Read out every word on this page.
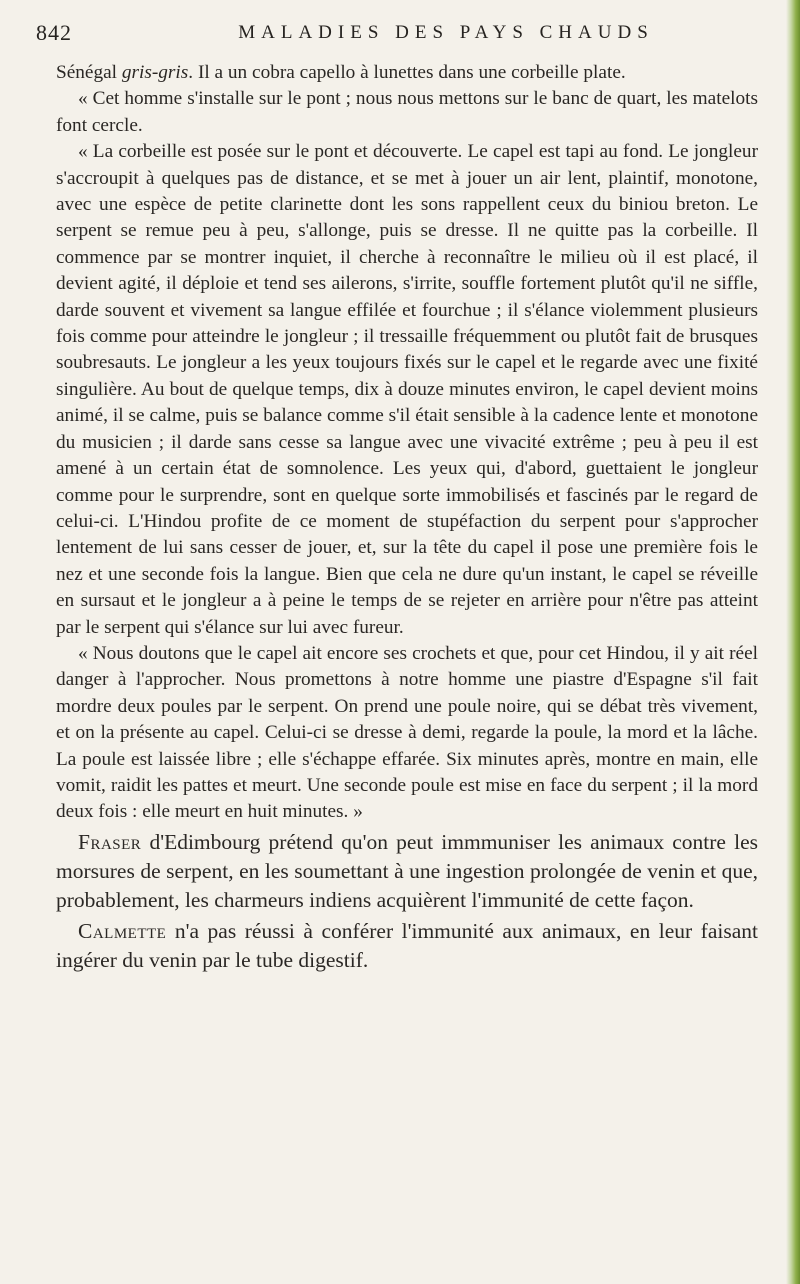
842	MALADIES DES PAYS CHAUDS

Sénégal gris-gris. Il a un cobra capello à lunettes dans une corbeille plate.

« Cet homme s'installe sur le pont ; nous nous mettons sur le banc de quart, les matelots font cercle.

« La corbeille est posée sur le pont et découverte. Le capel est tapi au fond. Le jongleur s'accroupit à quelques pas de distance, et se met à jouer un air lent, plaintif, monotone, avec une espèce de petite clarinette dont les sons rappellent ceux du biniou breton. Le serpent se remue peu à peu, s'allonge, puis se dresse. Il ne quitte pas la corbeille. Il commence par se montrer inquiet, il cherche à reconnaître le milieu où il est placé, il devient agité, il déploie et tend ses ailerons, s'irrite, souffle fortement plutôt qu'il ne siffle, darde souvent et vivement sa langue effilée et fourchue ; il s'élance violemment plusieurs fois comme pour atteindre le jongleur ; il tressaille fréquemment ou plutôt fait de brusques soubresauts. Le jongleur a les yeux toujours fixés sur le capel et le regarde avec une fixité singulière. Au bout de quelque temps, dix à douze minutes environ, le capel devient moins animé, il se calme, puis se balance comme s'il était sensible à la cadence lente et monotone du musicien ; il darde sans cesse sa langue avec une vivacité extrême ; peu à peu il est amené à un certain état de somnolence. Les yeux qui, d'abord, guettaient le jongleur comme pour le surprendre, sont en quelque sorte immobilisés et fascinés par le regard de celui-ci. L'Hindou profite de ce moment de stupéfaction du serpent pour s'approcher lentement de lui sans cesser de jouer, et, sur la tête du capel il pose une première fois le nez et une seconde fois la langue. Bien que cela ne dure qu'un instant, le capel se réveille en sursaut et le jongleur a à peine le temps de se rejeter en arrière pour n'être pas atteint par le serpent qui s'élance sur lui avec fureur.

« Nous doutons que le capel ait encore ses crochets et que, pour cet Hindou, il y ait réel danger à l'approcher. Nous promettons à notre homme une piastre d'Espagne s'il fait mordre deux poules par le serpent. On prend une poule noire, qui se débat très vivement, et on la présente au capel. Celui-ci se dresse à demi, regarde la poule, la mord et la lâche. La poule est laissée libre ; elle s'échappe effarée. Six minutes après, montre en main, elle vomit, raidit les pattes et meurt. Une seconde poule est mise en face du serpent ; il la mord deux fois : elle meurt en huit minutes. »

Fraser d'Edimbourg prétend qu'on peut immmuniser les animaux contre les morsures de serpent, en les soumettant à une ingestion prolongée de venin et que, probablement, les charmeurs indiens acquièrent l'immunité de cette façon.

Calmette n'a pas réussi à conférer l'immunité aux animaux, en leur faisant ingérer du venin par le tube digestif.
